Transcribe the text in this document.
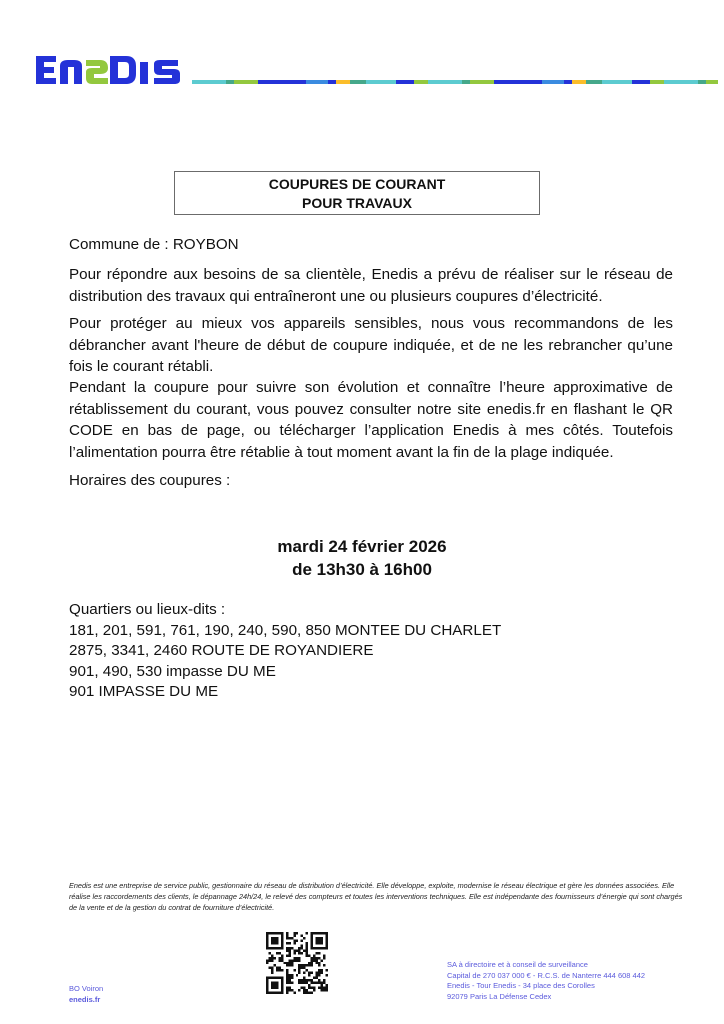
COUPURES DE COURANT
POUR TRAVAUX
Commune de : ROYBON

Pour répondre aux besoins de sa clientèle, Enedis a prévu de réaliser sur le réseau de distribution des travaux qui entraîneront une ou plusieurs coupures d’électricité.

Pour protéger au mieux vos appareils sensibles, nous vous recommandons de les débrancher avant l'heure de début de coupure indiquée, et de ne les rebrancher qu’une fois le courant rétabli.

Pendant la coupure pour suivre son évolution et connaître l’heure approximative de rétablissement du courant, vous pouvez consulter notre site enedis.fr en flashant le QR CODE en bas de page, ou télécharger l’application Enedis à mes côtés. Toutefois l’alimentation pourra être rétablie à tout moment avant la fin de la plage indiquée.

Horaires des coupures :
mardi 24 février 2026
de 13h30 à 16h00
Quartiers ou lieux-dits :
181, 201, 591, 761, 190, 240, 590, 850 MONTEE DU CHARLET
2875, 3341, 2460 ROUTE DE ROYANDIERE
901, 490, 530 impasse DU ME
901 IMPASSE DU ME
Enedis est une entreprise de service public, gestionnaire du réseau de distribution d’électricité. Elle développe, exploite, modernise le réseau électrique et gère les données associées. Elle réalise les raccordements des clients, le dépannage 24h/24, le relevé des compteurs et toutes les interventions techniques. Elle est indépendante des fournisseurs d’énergie qui sont chargés de la vente et de la gestion du contrat de fourniture d’électricité.
BO Voiron
enedis.fr
SA à directoire et à conseil de surveillance
Capital de 270 037 000 € - R.C.S. de Nanterre 444 608 442
Enedis - Tour Enedis - 34 place des Corolles
92079 Paris La Défense Cedex
